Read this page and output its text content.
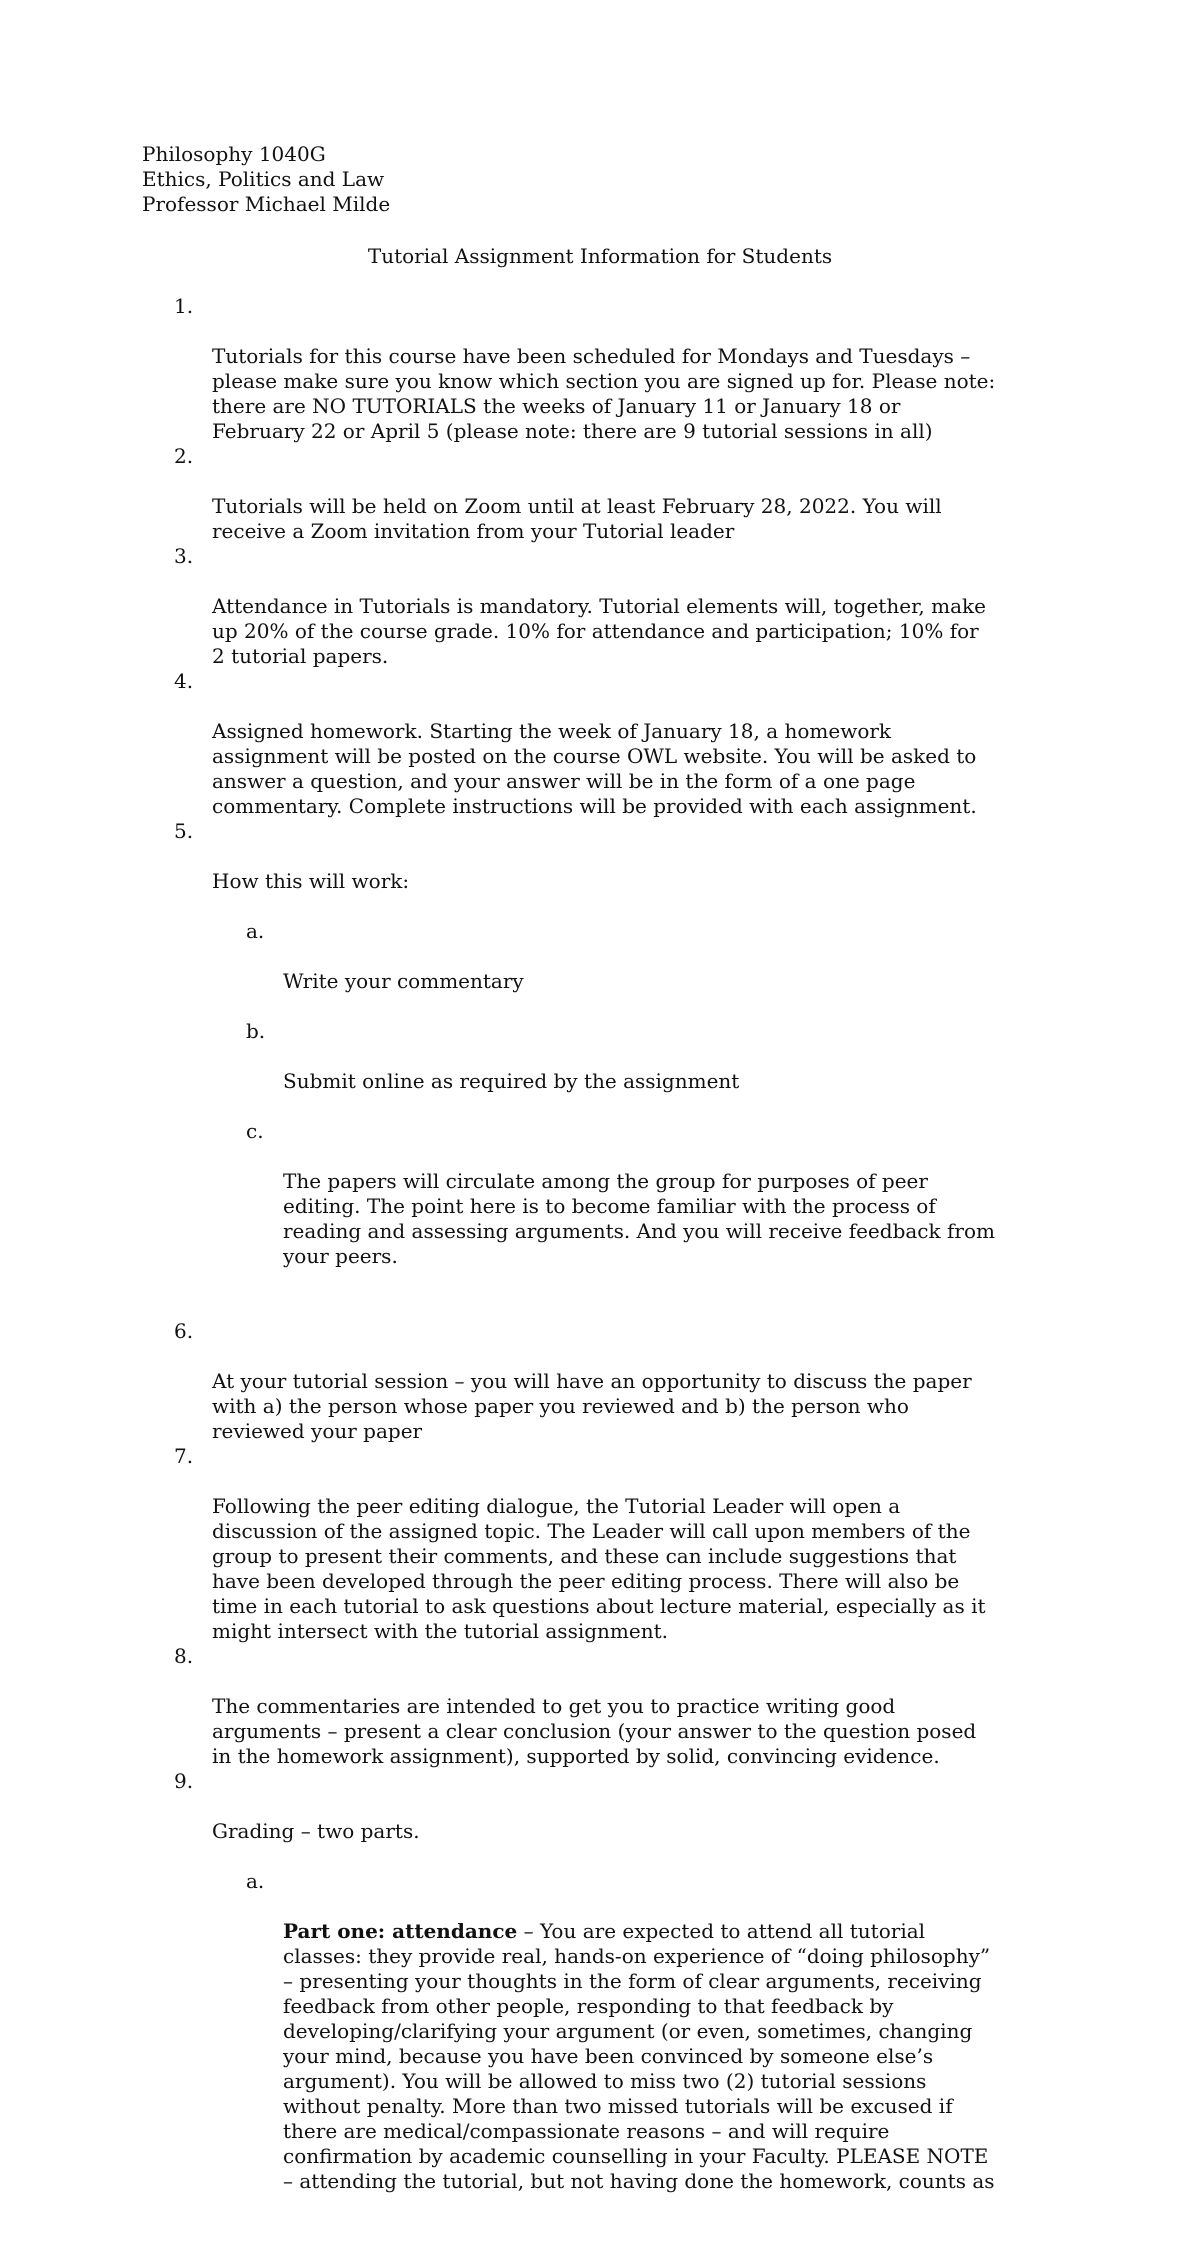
Philosophy 1040G
Ethics, Politics and Law
Professor Michael Milde
Tutorial Assignment Information for Students

1.

Tutorials for this course have been scheduled for Mondays and Tuesdays –
please make sure you know which section you are signed up for. Please note:
there are NO TUTORIALS the weeks of January 11 or January 18 or
February 22 or April 5 (please note: there are 9 tutorial sessions in all)

2.

Tutorials will be held on Zoom until at least February 28, 2022. You will
receive a Zoom invitation from your Tutorial leader

3.

Attendance in Tutorials is mandatory. Tutorial elements will, together, make
up 20% of the course grade. 10% for attendance and participation; 10% for
2 tutorial papers.

4.

Assigned homework. Starting the week of January 18, a homework
assignment will be posted on the course OWL website. You will be asked to
answer a question, and your answer will be in the form of a one page
commentary. Complete instructions will be provided with each assignment.

5.

How this will work:

a.

Write your commentary

b.

Submit online as required by the assignment

c.

The papers will circulate among the group for purposes of peer
editing. The point here is to become familiar with the process of
reading and assessing arguments. And you will receive feedback from
your peers.

6.

At your tutorial session – you will have an opportunity to discuss the paper
with a) the person whose paper you reviewed and b) the person who
reviewed your paper

7.

Following the peer editing dialogue, the Tutorial Leader will open a
discussion of the assigned topic. The Leader will call upon members of the
group to present their comments, and these can include suggestions that
have been developed through the peer editing process. There will also be
time in each tutorial to ask questions about lecture material, especially as it
might intersect with the tutorial assignment.

8.

The commentaries are intended to get you to practice writing good
arguments – present a clear conclusion (your answer to the question posed
in the homework assignment), supported by solid, convincing evidence.

9.

Grading – two parts.

a.

Part one: attendance – You are expected to attend all tutorial
classes: they provide real, hands-on experience of “doing philosophy”
– presenting your thoughts in the form of clear arguments, receiving
feedback from other people, responding to that feedback by
developing/clarifying your argument (or even, sometimes, changing
your mind, because you have been convinced by someone else’s
argument). You will be allowed to miss two (2) tutorial sessions
without penalty. More than two missed tutorials will be excused if
there are medical/compassionate reasons – and will require
confirmation by academic counselling in your Faculty. PLEASE NOTE
– attending the tutorial, but not having done the homework, counts as
